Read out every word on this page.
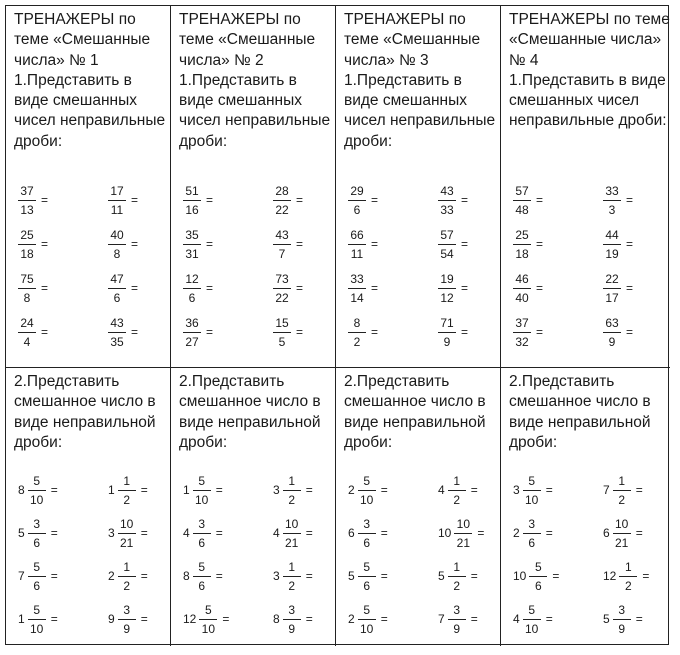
ТРЕНАЖЕРЫ по теме «Смешанные числа» № 1
1.Представить в виде смешанных чисел неправильные дроби:
$\frac{37}{13}$ =	$\frac{17}{11}$ =
$\frac{25}{18}$ =	$\frac{40}{8}$ =
$\frac{75}{8}$ =	$\frac{47}{6}$ =
$\frac{24}{4}$ =	$\frac{43}{35}$ =
ТРЕНАЖЕРЫ по теме «Смешанные числа» № 2
1.Представить в виде смешанных чисел неправильные дроби:
$\frac{51}{16}$ =	$\frac{28}{22}$ =
$\frac{35}{31}$ =	$\frac{43}{7}$ =
$\frac{12}{6}$ =	$\frac{73}{22}$ =
$\frac{36}{27}$ =	$\frac{15}{5}$ =
ТРЕНАЖЕРЫ по теме «Смешанные числа» № 3
1.Представить в виде смешанных чисел неправильные дроби:
$\frac{29}{6}$ =	$\frac{43}{33}$ =
$\frac{66}{11}$ =	$\frac{57}{54}$ =
$\frac{33}{14}$ =	$\frac{19}{12}$ =
$\frac{8}{2}$ =	$\frac{71}{9}$ =
ТРЕНАЖЕРЫ по теме «Смешанные числа» № 4
1.Представить в виде смешанных чисел неправильные дроби:
$\frac{57}{48}$ =	$\frac{33}{3}$ =
$\frac{25}{18}$ =	$\frac{44}{19}$ =
$\frac{46}{40}$ =	$\frac{22}{17}$ =
$\frac{37}{32}$ =	$\frac{63}{9}$ =
2.Представить смешанное число в виде неправильной дроби:
$8 \frac{5}{10}$ =	$1 \frac{1}{2}$ =
$5 \frac{3}{6}$ =	$3 \frac{10}{21}$ =
$7 \frac{5}{6}$ =	$2 \frac{1}{2}$ =
$1 \frac{5}{10}$ =	$9 \frac{3}{9}$ =
2.Представить смешанное число в виде неправильной дроби:
$1 \frac{5}{10}$ =	$3 \frac{1}{2}$ =
$4 \frac{3}{6}$ =	$4 \frac{10}{21}$ =
$8 \frac{5}{6}$ =	$3 \frac{1}{2}$ =
$12 \frac{5}{10}$ =	$8 \frac{3}{9}$ =
2.Представить смешанное число в виде неправильной дроби:
$2 \frac{5}{10}$ =	$4 \frac{1}{2}$ =
$6 \frac{3}{6}$ =	$10 \frac{10}{21}$ =
$5 \frac{5}{6}$ =	$5 \frac{1}{2}$ =
$2 \frac{5}{10}$ =	$7 \frac{3}{9}$ =
2.Представить смешанное число в виде неправильной дроби:
$3 \frac{5}{10}$ =	$7 \frac{1}{2}$ =
$2 \frac{3}{6}$ =	$6 \frac{10}{21}$ =
$10 \frac{5}{6}$ =	$12 \frac{1}{2}$ =
$4 \frac{5}{10}$ =	$5 \frac{3}{9}$ =
